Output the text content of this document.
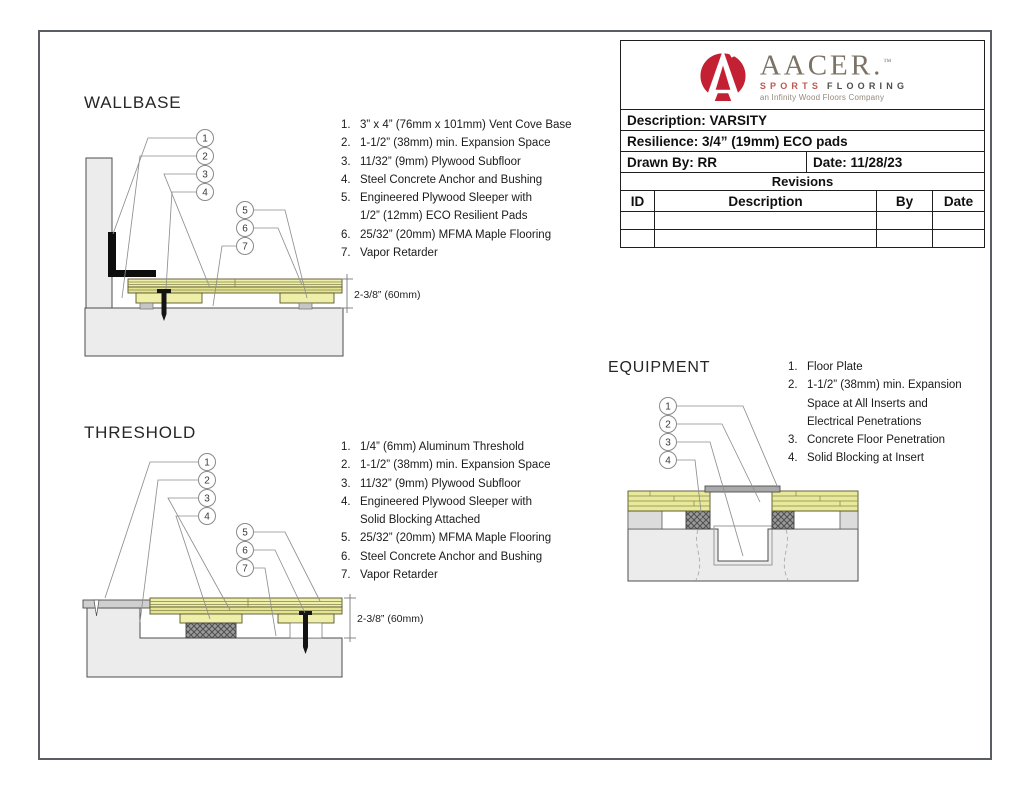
AACER.™
SPORTS FLOORING
an Infinity Wood Floors Company
Description: VARSITY
Resilience: 3/4” (19mm) ECO pads
Drawn By: RR	Date: 11/28/23
Revisions
ID	Description	By	Date
WALLBASE
1. 3” x 4” (76mm x 101mm) Vent Cove Base
2. 1-1/2” (38mm) min. Expansion Space
3. 11/32” (9mm) Plywood Subfloor
4. Steel Concrete Anchor and Bushing
5. Engineered Plywood Sleeper with
1/2” (12mm) ECO Resilient Pads
6. 25/32” (20mm) MFMA Maple Flooring
7. Vapor Retarder
2-3/8” (60mm)
1
2
3
4
5
6
7
THRESHOLD
1. 1/4” (6mm) Aluminum Threshold
2. 1-1/2” (38mm) min. Expansion Space
3. 11/32” (9mm) Plywood Subfloor
4. Engineered Plywood Sleeper with
Solid Blocking Attached
5. 25/32” (20mm) MFMA Maple Flooring
6. Steel Concrete Anchor and Bushing
7. Vapor Retarder
2-3/8” (60mm)
1
2
3
4
5
6
7
EQUIPMENT	1. Floor Plate
2. 1-1/2” (38mm) min. Expansion
Space at All Inserts and
Electrical Penetrations
3. Concrete Floor Penetration
4. Solid Blocking at Insert
1
2
3
4
